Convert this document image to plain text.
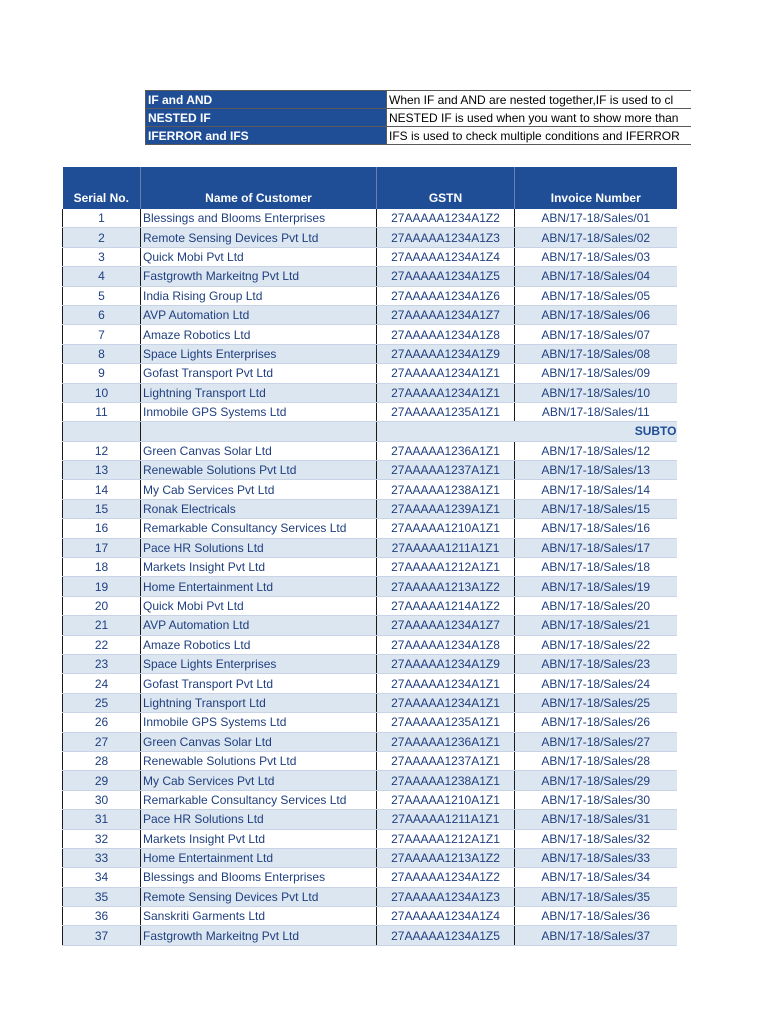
IF and AND	When IF and AND are nested together,IF is used to cl
NESTED IF	NESTED IF is used when you want to show more than
IFERROR and IFS	IFS is used to check multiple conditions and IFERROR
Serial No.	Name of Customer	GSTN	Invoice Number
1	Blessings and Blooms Enterprises	27AAAAA1234A1Z2	ABN/17-18/Sales/01
2	Remote Sensing Devices Pvt Ltd	27AAAAA1234A1Z3	ABN/17-18/Sales/02
3	Quick Mobi Pvt Ltd	27AAAAA1234A1Z4	ABN/17-18/Sales/03
4	Fastgrowth Markeitng Pvt Ltd	27AAAAA1234A1Z5	ABN/17-18/Sales/04
5	India Rising Group Ltd	27AAAAA1234A1Z6	ABN/17-18/Sales/05
6	AVP Automation Ltd	27AAAAA1234A1Z7	ABN/17-18/Sales/06
7	Amaze Robotics Ltd	27AAAAA1234A1Z8	ABN/17-18/Sales/07
8	Space Lights Enterprises	27AAAAA1234A1Z9	ABN/17-18/Sales/08
9	Gofast Transport Pvt Ltd	27AAAAA1234A1Z1	ABN/17-18/Sales/09
10	Lightning Transport Ltd	27AAAAA1234A1Z1	ABN/17-18/Sales/10
11	Inmobile GPS Systems Ltd	27AAAAA1235A1Z1	ABN/17-18/Sales/11
		SUBTO	
12	Green Canvas Solar Ltd	27AAAAA1236A1Z1	ABN/17-18/Sales/12
13	Renewable Solutions Pvt Ltd	27AAAAA1237A1Z1	ABN/17-18/Sales/13
14	My Cab Services Pvt Ltd	27AAAAA1238A1Z1	ABN/17-18/Sales/14
15	Ronak Electricals	27AAAAA1239A1Z1	ABN/17-18/Sales/15
16	Remarkable Consultancy Services Ltd	27AAAAA1210A1Z1	ABN/17-18/Sales/16
17	Pace HR Solutions Ltd	27AAAAA1211A1Z1	ABN/17-18/Sales/17
18	Markets Insight Pvt Ltd	27AAAAA1212A1Z1	ABN/17-18/Sales/18
19	Home Entertainment Ltd	27AAAAA1213A1Z2	ABN/17-18/Sales/19
20	Quick Mobi Pvt Ltd	27AAAAA1214A1Z2	ABN/17-18/Sales/20
21	AVP Automation Ltd	27AAAAA1234A1Z7	ABN/17-18/Sales/21
22	Amaze Robotics Ltd	27AAAAA1234A1Z8	ABN/17-18/Sales/22
23	Space Lights Enterprises	27AAAAA1234A1Z9	ABN/17-18/Sales/23
24	Gofast Transport Pvt Ltd	27AAAAA1234A1Z1	ABN/17-18/Sales/24
25	Lightning Transport Ltd	27AAAAA1234A1Z1	ABN/17-18/Sales/25
26	Inmobile GPS Systems Ltd	27AAAAA1235A1Z1	ABN/17-18/Sales/26
27	Green Canvas Solar Ltd	27AAAAA1236A1Z1	ABN/17-18/Sales/27
28	Renewable Solutions Pvt Ltd	27AAAAA1237A1Z1	ABN/17-18/Sales/28
29	My Cab Services Pvt Ltd	27AAAAA1238A1Z1	ABN/17-18/Sales/29
30	Remarkable Consultancy Services Ltd	27AAAAA1210A1Z1	ABN/17-18/Sales/30
31	Pace HR Solutions Ltd	27AAAAA1211A1Z1	ABN/17-18/Sales/31
32	Markets Insight Pvt Ltd	27AAAAA1212A1Z1	ABN/17-18/Sales/32
33	Home Entertainment Ltd	27AAAAA1213A1Z2	ABN/17-18/Sales/33
34	Blessings and Blooms Enterprises	27AAAAA1234A1Z2	ABN/17-18/Sales/34
35	Remote Sensing Devices Pvt Ltd	27AAAAA1234A1Z3	ABN/17-18/Sales/35
36	Sanskriti Garments Ltd	27AAAAA1234A1Z4	ABN/17-18/Sales/36
37	Fastgrowth Markeitng Pvt Ltd	27AAAAA1234A1Z5	ABN/17-18/Sales/37
